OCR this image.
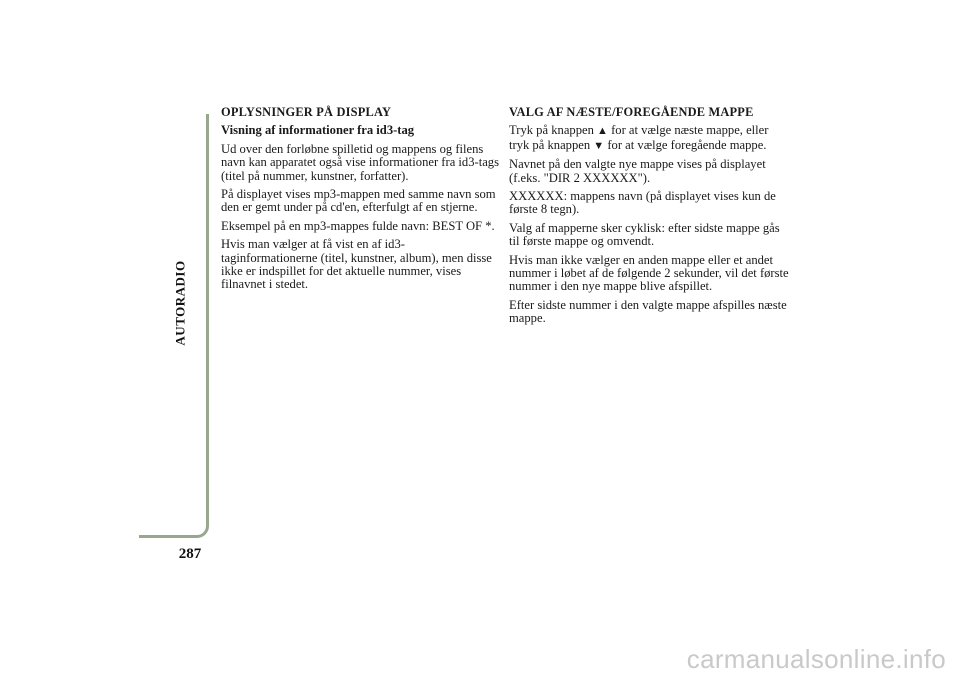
AUTORADIO
287
OPLYSNINGER PÅ DISPLAY
Visning af informationer fra id3-tag

Ud over den forløbne spilletid og mappens og filens navn kan apparatet også vise informationer fra id3-tags (titel på nummer, kunstner, forfatter).

På displayet vises mp3-mappen med samme navn som den er gemt under på cd'en, efterfulgt af en stjerne.

Eksempel på en mp3-mappes fulde navn: BEST OF *.

Hvis man vælger at få vist en af id3-taginformationerne (titel, kunstner, album), men disse ikke er indspillet for det aktuelle nummer, vises filnavnet i stedet.

VALG AF NÆSTE/FOREGÅENDE MAPPE

Tryk på knappen ▲ for at vælge næste mappe, eller tryk på knappen ▼ for at vælge foregående mappe.

Navnet på den valgte nye mappe vises på displayet (f.eks. "DIR 2 XXXXXX").

XXXXXX: mappens navn (på displayet vises kun de første 8 tegn).

Valg af mapperne sker cyklisk: efter sidste mappe gås til første mappe og omvendt.

Hvis man ikke vælger en anden mappe eller et andet nummer i løbet af de følgende 2 sekunder, vil det første nummer i den nye mappe blive afspillet.

Efter sidste nummer i den valgte mappe afspilles næste mappe.

carmanualsonline.info
